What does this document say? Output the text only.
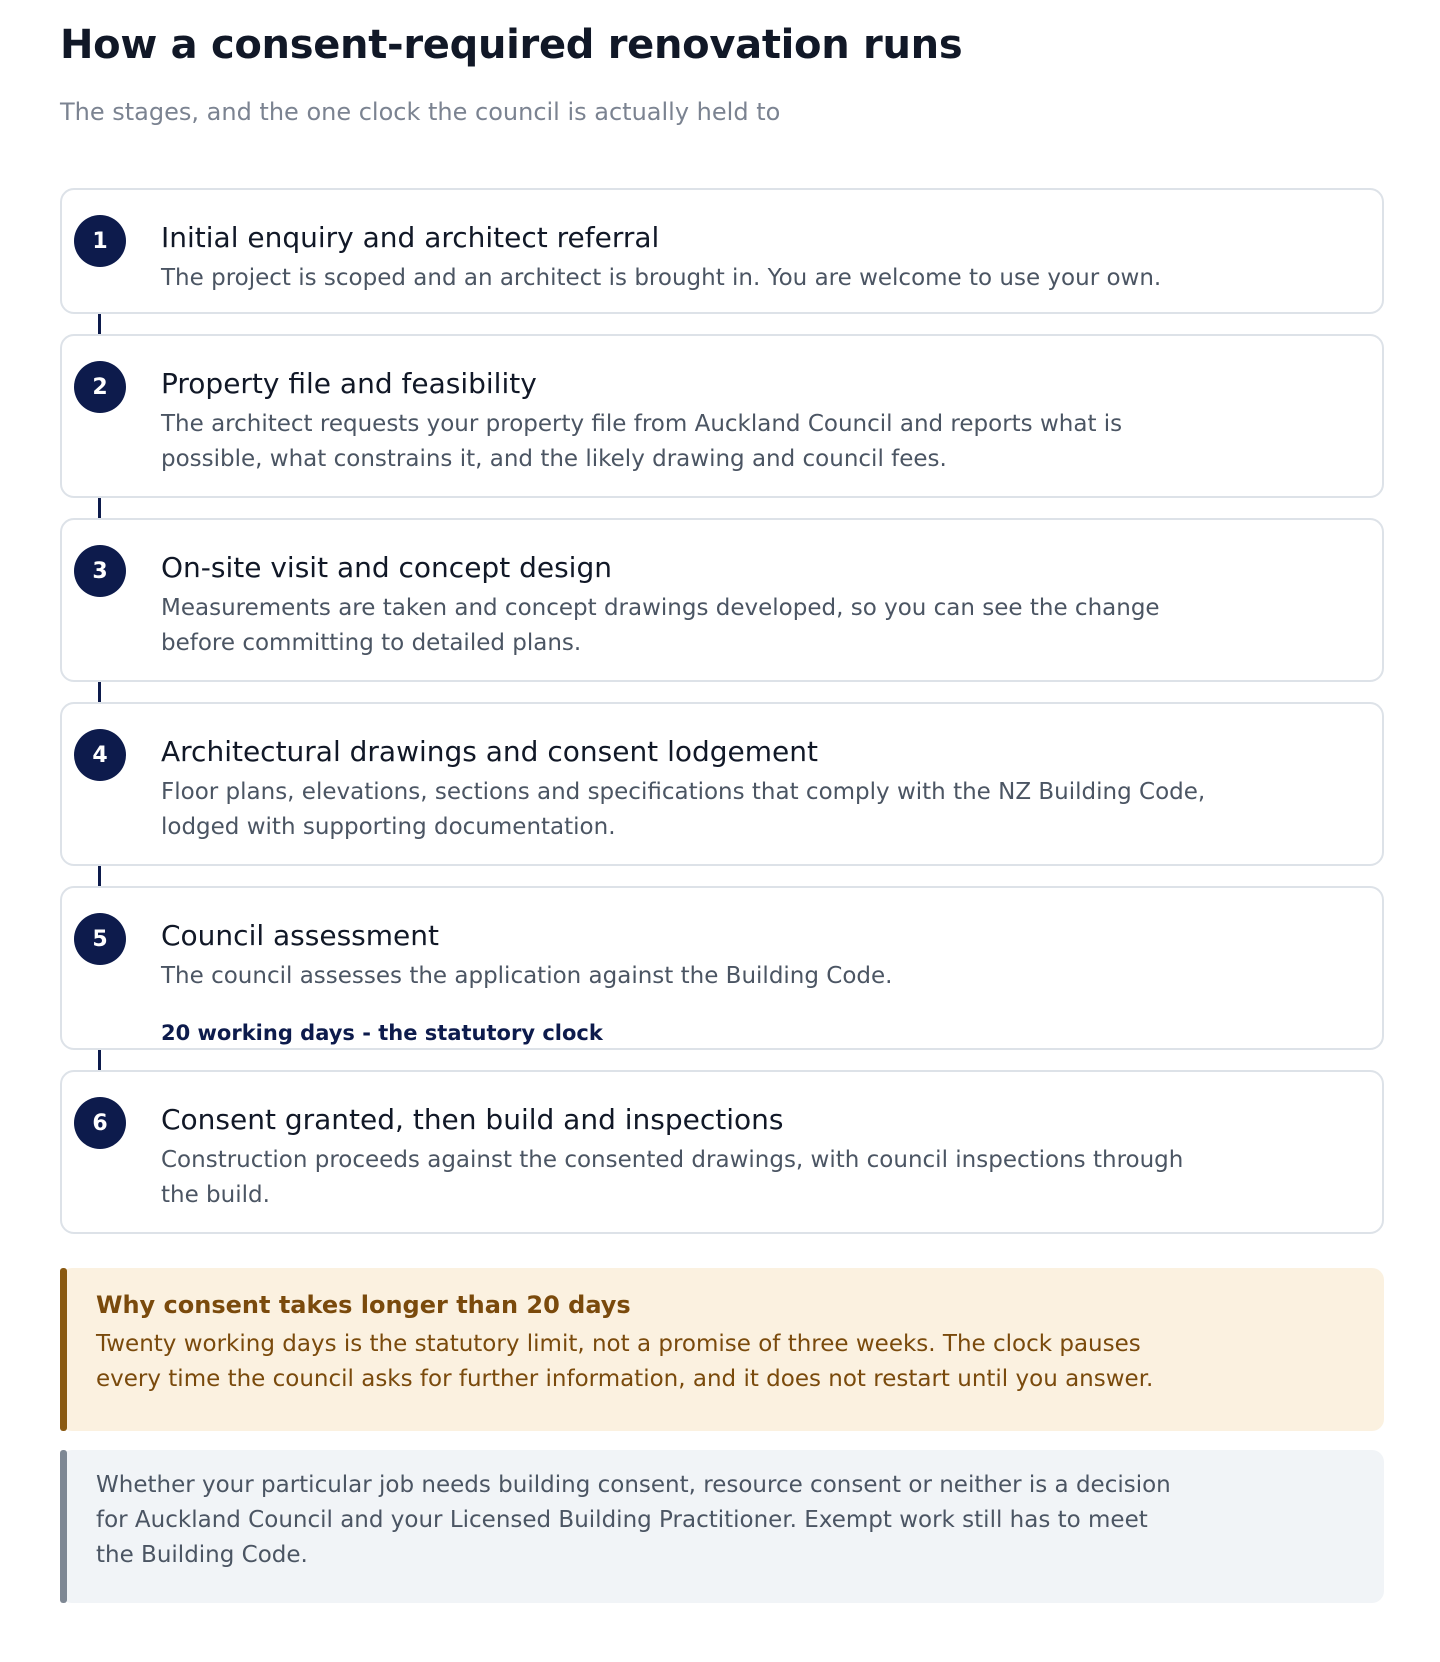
How a consent-required renovation runs
The stages, and the one clock the council is actually held to
1	Initial enquiry and architect referral
The project is scoped and an architect is brought in. You are welcome to use your own.
2	Property file and feasibility
The architect requests your property file from Auckland Council and reports what is possible, what constrains it, and the likely drawing and council fees.
3	On-site visit and concept design
Measurements are taken and concept drawings developed, so you can see the change before committing to detailed plans.
4	Architectural drawings and consent lodgement
Floor plans, elevations, sections and specifications that comply with the NZ Building Code, lodged with supporting documentation.
5	Council assessment
The council assesses the application against the Building Code.
20 working days - the statutory clock
6	Consent granted, then build and inspections
Construction proceeds against the consented drawings, with council inspections through the build.
Why consent takes longer than 20 days
Twenty working days is the statutory limit, not a promise of three weeks. The clock pauses every time the council asks for further information, and it does not restart until you answer.
Whether your particular job needs building consent, resource consent or neither is a decision for Auckland Council and your Licensed Building Practitioner. Exempt work still has to meet the Building Code.
